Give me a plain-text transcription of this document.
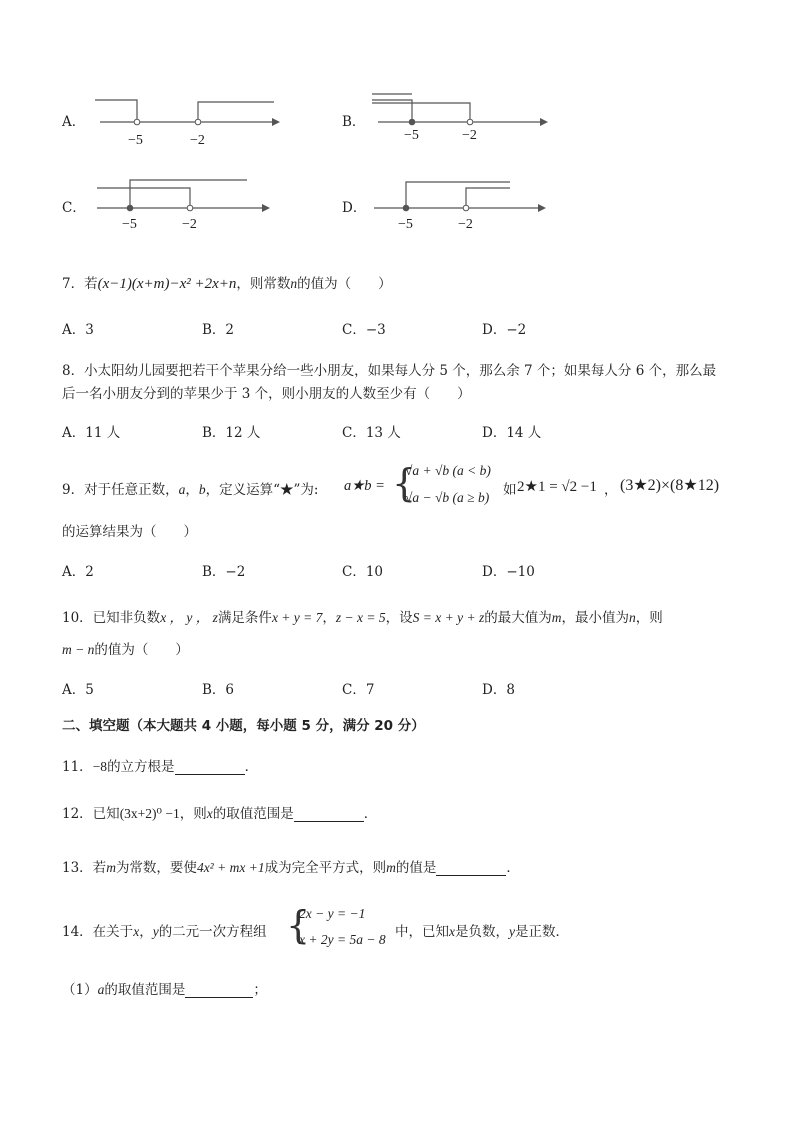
A．
−5	−2
B．
−5	−2
C．
−5	−2
D．
−5	−2
7．若(x−1)(x+m)−x² +2x+n，则常数n的值为（　　）
A．3	B．2	C．−3	D．−2
8．小太阳幼儿园要把若干个苹果分给一些小朋友，如果每人分 5 个，那么余 7 个；如果每人分 6 个，那么最
后一名小朋友分到的苹果少于 3 个，则小朋友的人数至少有（　　）
A．11 人	B．12 人	C．13 人	D．14 人
9．对于任意正数，a，b，定义运算“★”为: a★b = {
√a + √b (a < b)
√a − √b (a ≥ b) 如 2★1 = √2 −1 ， (3★2)×(8★12)
的运算结果为（　　）
A．2	B．−2	C．10	D．−10
10．已知非负数x ， y ， z满足条件x + y = 7，z − x = 5，设S = x + y + z的最大值为m，最小值为n，则
m − n的值为（　　）
A．5	B．6	C．7	D．8
二、填空题（本大题共 4 小题，每小题 5 分，满分 20 分）
11．−8的立方根是	．
12．已知(3x+2)⁰ −1，则x的取值范围是	．
13．若m为常数，要使4x² + mx +1成为完全平方式，则m的值是	．
14．在关于x，y的二元一次方程组 {
2x − y = −1
x + 2y = 5a − 8 中，已知x是负数，y是正数．
（1）a的取值范围是	；
